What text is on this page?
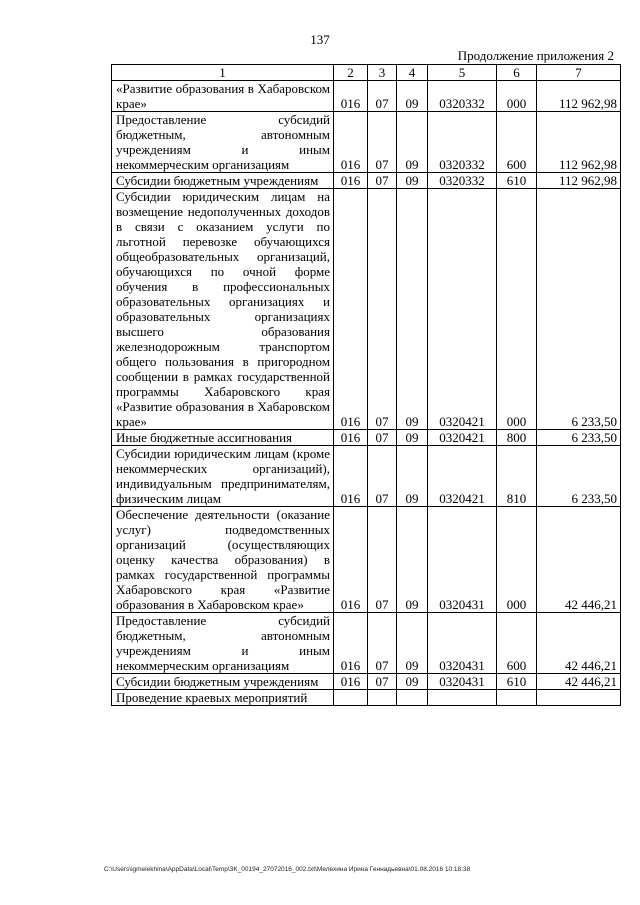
137
Продолжение приложения 2
1	2	3	4	5	6	7
«Развитие образования в Хабаровском крае»	016	07	09	0320332	000	112 962,98
Предоставление субсидий бюджетным, автономным учреждениям и иным некоммерческим организациям	016	07	09	0320332	600	112 962,98
Субсидии бюджетным учреждениям	016	07	09	0320332	610	112 962,98
Субсидии юридическим лицам на возмещение недополученных доходов в связи с оказанием услуги по льготной перевозке обучающихся общеобразовательных организаций, обучающихся по очной форме обучения в профессиональных образовательных организациях и образовательных организациях высшего образования железнодорожным транспортом общего пользования в пригородном сообщении в рамках государственной программы Хабаровского края «Развитие образования в Хабаровском крае»	016	07	09	0320421	000	6 233,50
Иные бюджетные ассигнования	016	07	09	0320421	800	6 233,50
Субсидии юридическим лицам (кроме некоммерческих организаций), индивидуальным предпринимателям, физическим лицам	016	07	09	0320421	810	6 233,50
Обеспечение деятельности (оказание услуг) подведомственных организаций (осуществляющих оценку качества образования) в рамках государственной программы Хабаровского края «Развитие образования в Хабаровском крае»	016	07	09	0320431	000	42 446,21
Предоставление субсидий бюджетным, автономным учреждениям и иным некоммерческим организациям	016	07	09	0320431	600	42 446,21
Субсидии бюджетным учреждениям	016	07	09	0320431	610	42 446,21
Проведение краевых мероприятий						
C:\Users\igmelekhina\AppData\Local\Temp\3K_00194_27072016_002.txt\Мелехина Ирина Геннадьевна\01.08.2016 10:18:38
